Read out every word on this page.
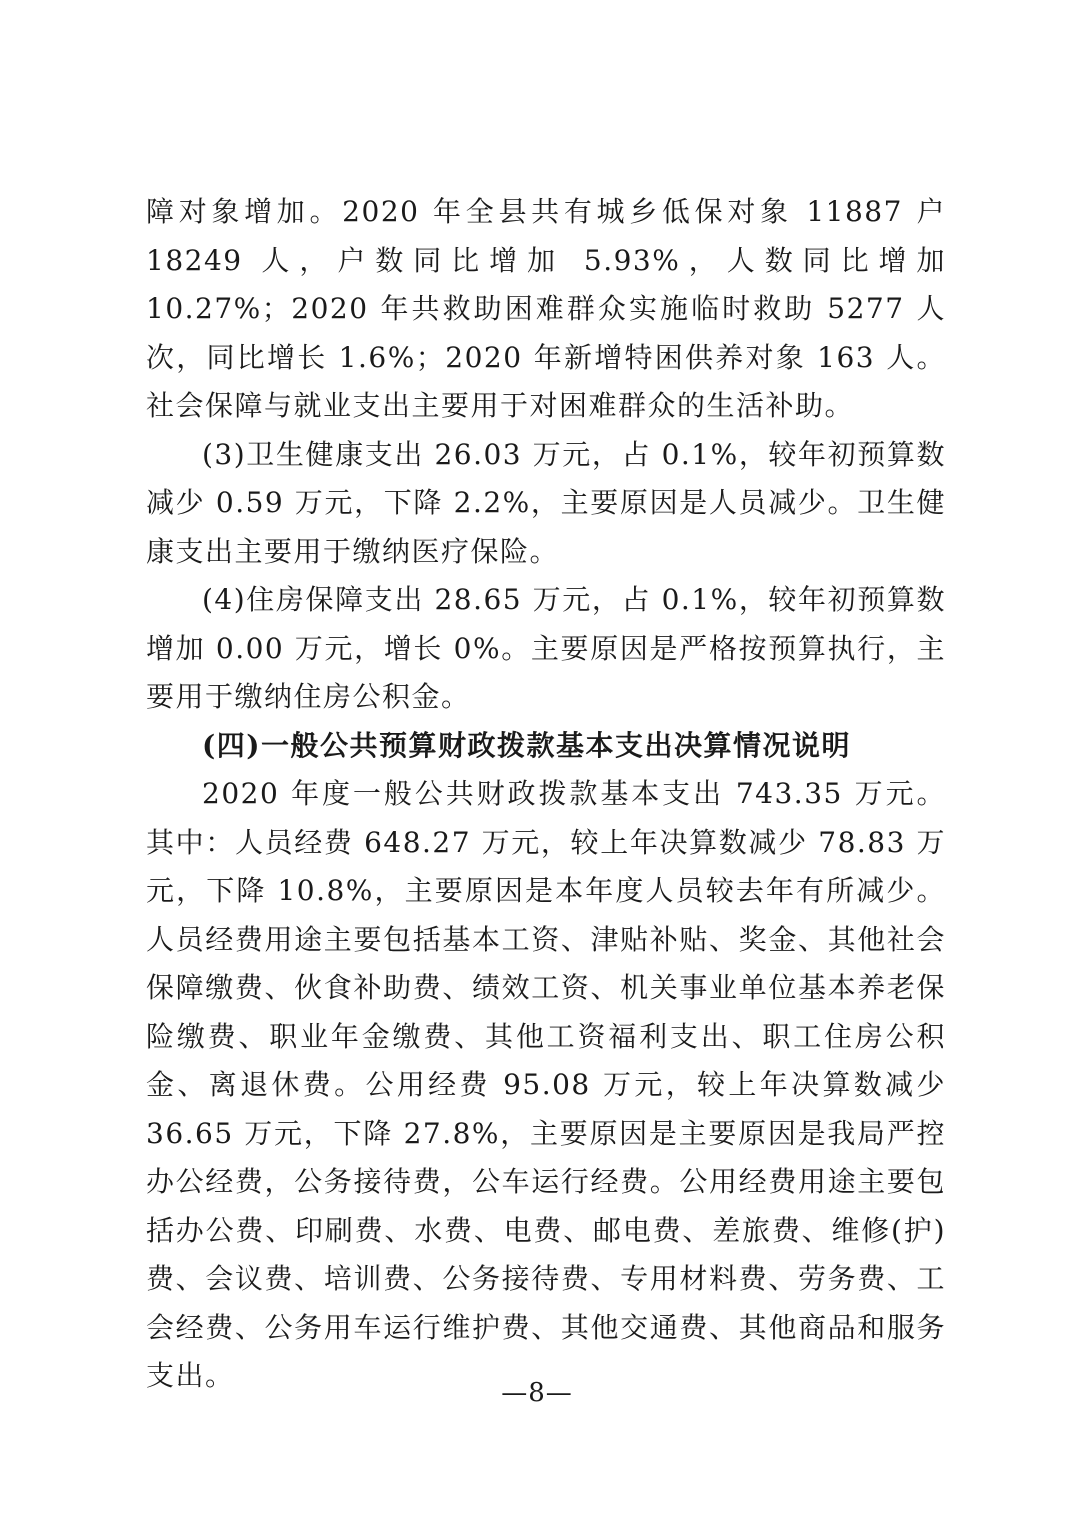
障对象增加。2020 年全县共有城乡低保对象 11887 户 18249 人，户数同比增加 5.93%，人数同比增加 10.27%；2020 年共救助困难群众实施临时救助 5277 人次，同比增长 1.6%；2020 年新增特困供养对象 163 人。社会保障与就业支出主要用于对困难群众的生活补助。

(3)卫生健康支出 26.03 万元，占 0.1%，较年初预算数减少 0.59 万元，下降 2.2%，主要原因是人员减少。卫生健康支出主要用于缴纳医疗保险。

(4)住房保障支出 28.65 万元，占 0.1%，较年初预算数增加 0.00 万元，增长 0%。主要原因是严格按预算执行，主要用于缴纳住房公积金。

(四)一般公共预算财政拨款基本支出决算情况说明

2020 年度一般公共财政拨款基本支出 743.35 万元。其中：人员经费 648.27 万元，较上年决算数减少 78.83 万元，下降 10.8%，主要原因是本年度人员较去年有所减少。人员经费用途主要包括基本工资、津贴补贴、奖金、其他社会保障缴费、伙食补助费、绩效工资、机关事业单位基本养老保险缴费、职业年金缴费、其他工资福利支出、职工住房公积金、离退休费。公用经费 95.08 万元，较上年决算数减少 36.65 万元，下降 27.8%，主要原因是主要原因是我局严控办公经费，公务接待费，公车运行经费。公用经费用途主要包括办公费、印刷费、水费、电费、邮电费、差旅费、维修(护)费、会议费、培训费、公务接待费、专用材料费、劳务费、工会经费、公务用车运行维护费、其他交通费、其他商品和服务支出。

—8—
